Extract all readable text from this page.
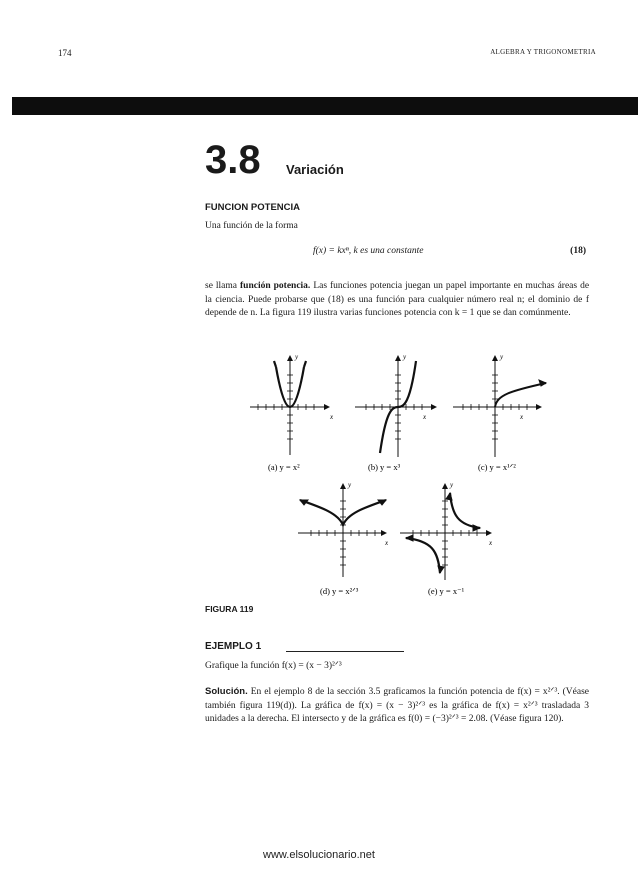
174	ALGEBRA Y TRIGONOMETRIA
3.8 Variación
FUNCION POTENCIA
Una función de la forma
f(x) = kxⁿ, k es una constante	(18)
se llama función potencia. Las funciones potencia juegan un papel importante en muchas áreas de la ciencia. Puede probarse que (18) es una función para cualquier número real n; el dominio de f depende de n. La figura 119 ilustra varias funciones potencia con k = 1 que se dan comúnmente.
y	y	y
x
x
x
(a) y = x²	(b) y = x³	(c) y = x¹ᐟ²
y
x
y
x
(d) y = x²ᐟ³	(e) y = x⁻¹
FIGURA 119
EJEMPLO 1
Grafique la función f(x) = (x − 3)²ᐟ³
Solución. En el ejemplo 8 de la sección 3.5 graficamos la función potencia de f(x) = x²ᐟ³. (Véase también figura 119(d)). La gráfica de f(x) = (x − 3)²ᐟ³ es la gráfica de f(x) = x²ᐟ³ trasladada 3 unidades a la derecha. El intersecto y de la gráfica es f(0) = (−3)²ᐟ³ = 2.08. (Véase figura 120).
www.elsolucionario.net
